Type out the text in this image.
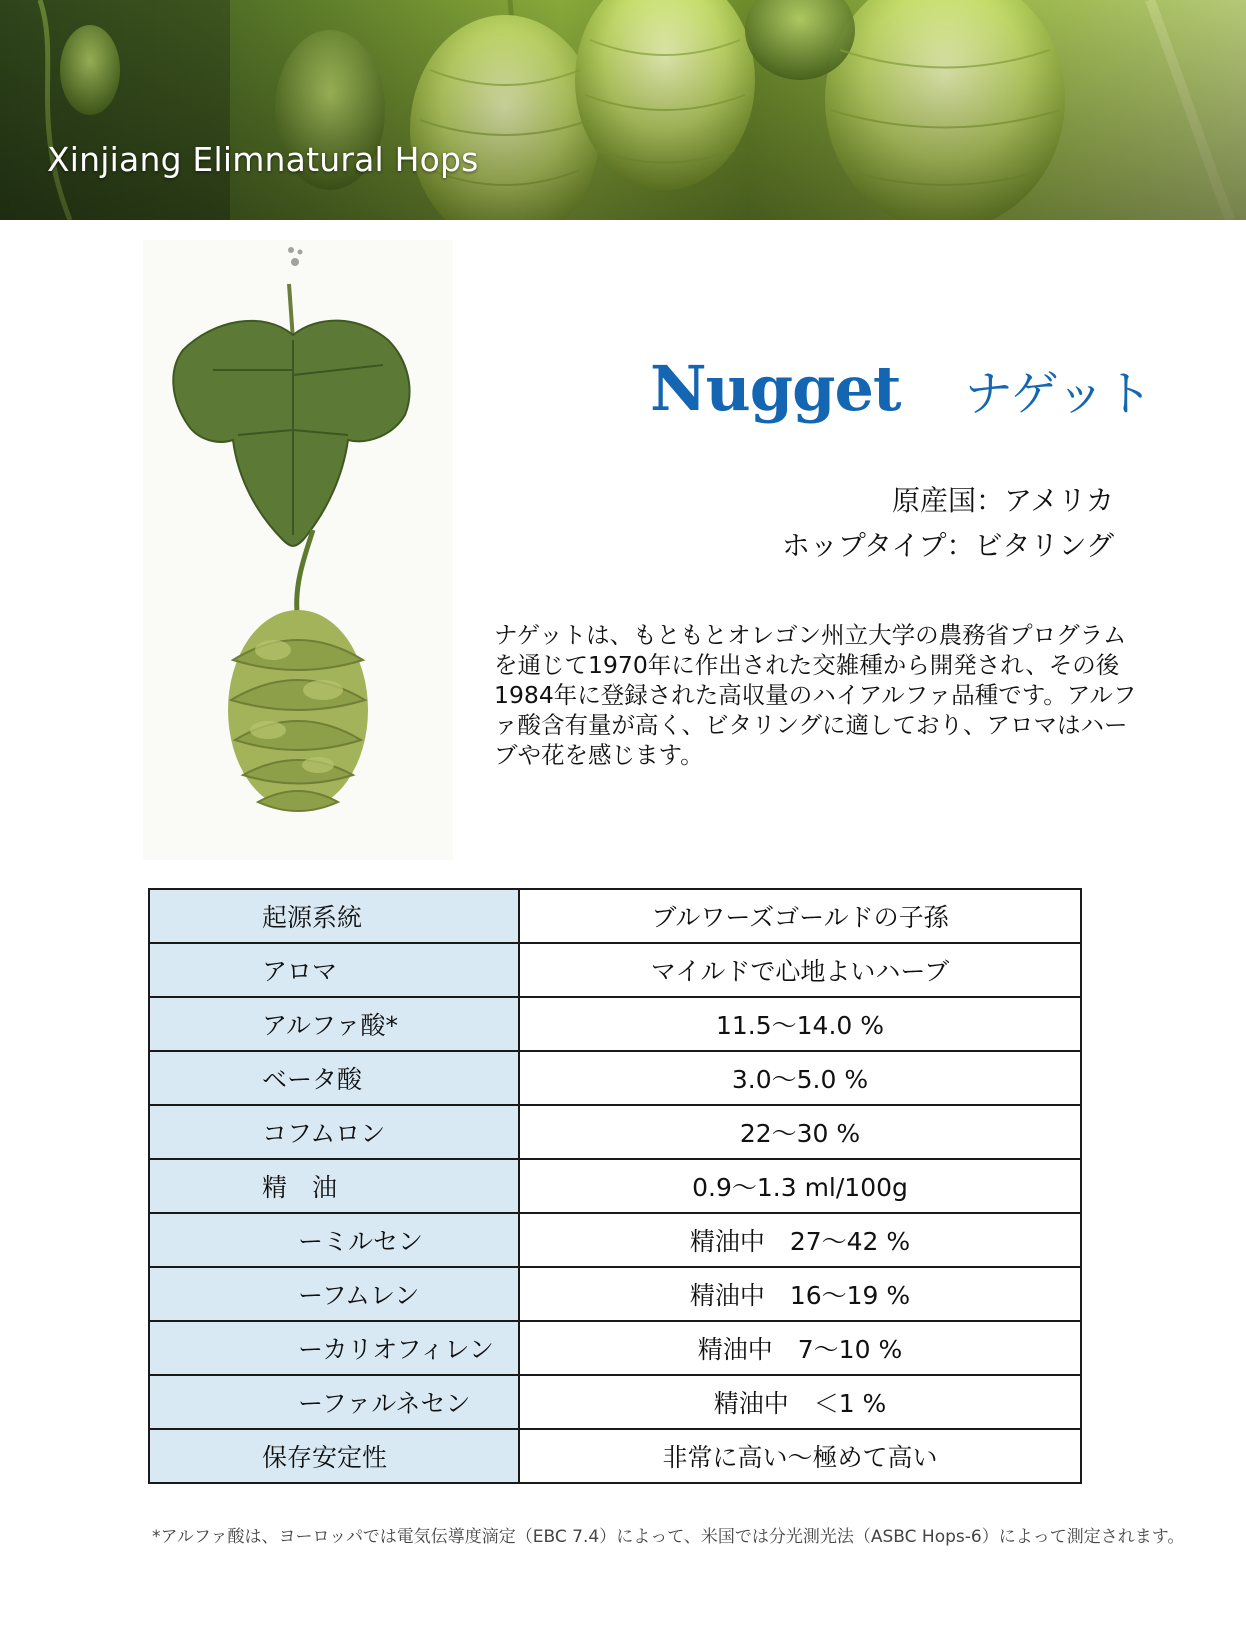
Xinjiang Elimnatural Hops
Nugget ナゲット
原産国：アメリカ
ホップタイプ：ビタリング
ナゲットは、もともとオレゴン州立大学の農務省プログラムを通じて1970年に作出された交雑種から開発され、その後1984年に登録された高収量のハイアルファ品種です。アルファ酸含有量が高く、ビタリングに適しており、アロマはハーブや花を感じます。
起源系統	ブルワーズゴールドの子孫
アロマ	マイルドで心地よいハーブ
アルファ酸*	11.5～14.0 %
ベータ酸	3.0～5.0 %
コフムロン	22～30 %
精　油	0.9～1.3 ml/100g
ーミルセン	精油中　27～42 %
ーフムレン	精油中　16～19 %
ーカリオフィレン	精油中　7～10 %
ーファルネセン	精油中　＜1 %
保存安定性	非常に高い～極めて高い
*アルファ酸は、ヨーロッパでは電気伝導度滴定（EBC 7.4）によって、米国では分光測光法（ASBC Hops-6）によって測定されます。
